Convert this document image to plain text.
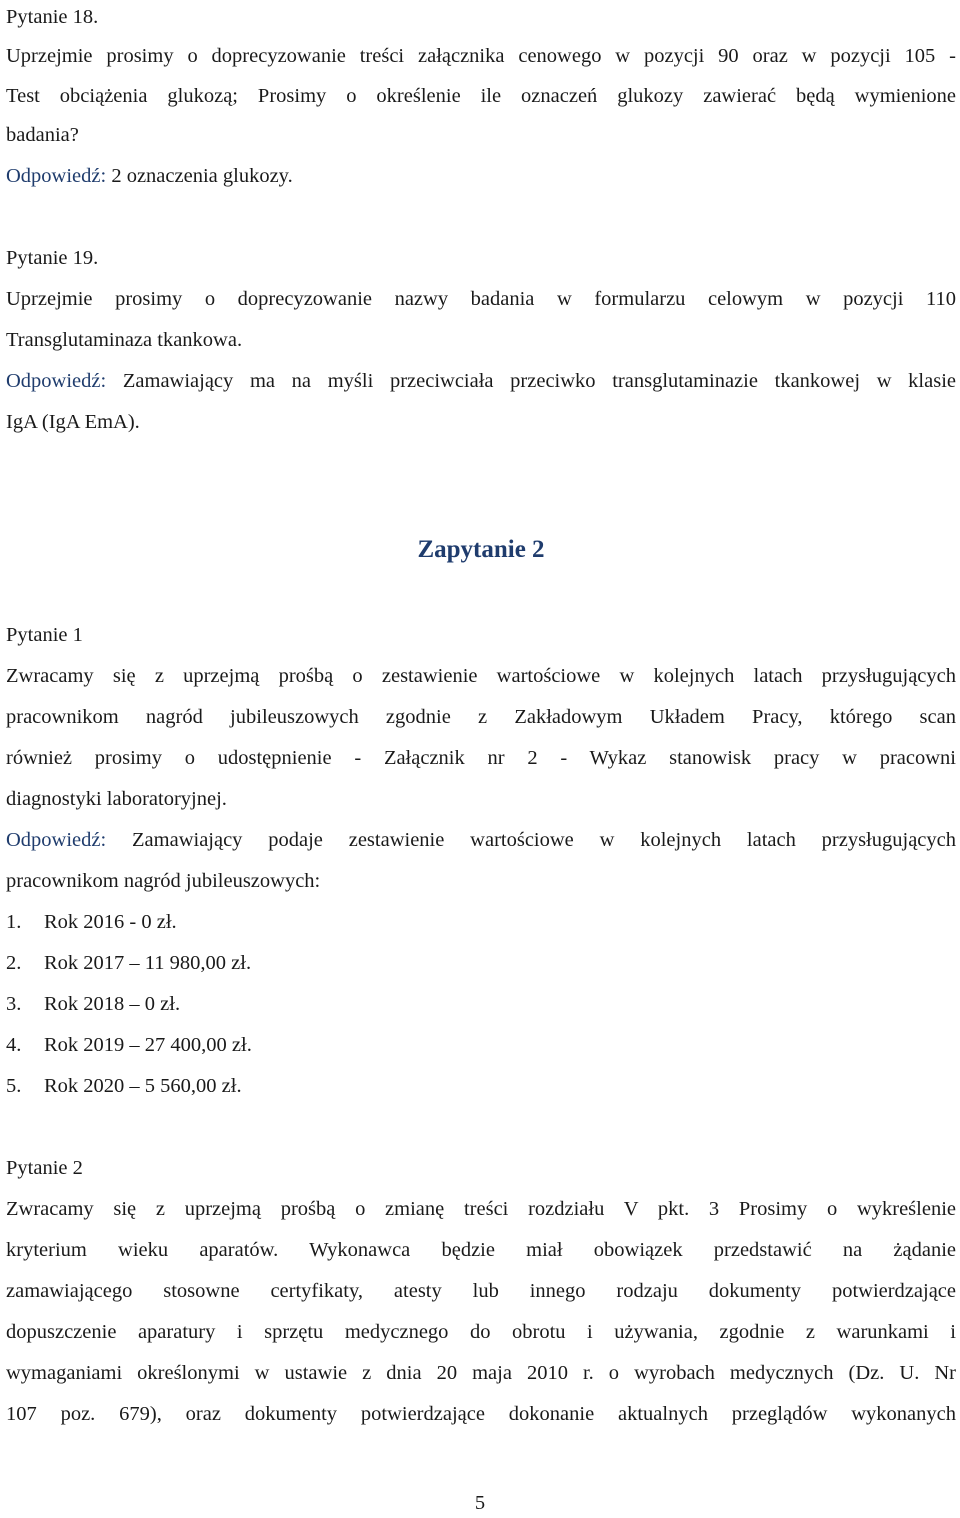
Pytanie 18.
Uprzejmie prosimy o doprecyzowanie treści załącznika cenowego w pozycji 90 oraz w pozycji 105 -
Test obciążenia glukozą; Prosimy o określenie ile oznaczeń glukozy zawierać będą wymienione
badania?
Odpowiedź: 2 oznaczenia glukozy.
Pytanie 19.
Uprzejmie prosimy o doprecyzowanie nazwy badania w formularzu celowym w pozycji 110
Transglutaminaza tkankowa.
Odpowiedź: Zamawiający ma na myśli przeciwciała przeciwko transglutaminazie tkankowej w klasie
IgA (IgA EmA).
Zapytanie 2
Pytanie 1
Zwracamy się z uprzejmą prośbą o zestawienie wartościowe w kolejnych latach przysługujących
pracownikom nagród jubileuszowych zgodnie z Zakładowym Układem Pracy, którego scan
również prosimy o udostępnienie - Załącznik nr 2 - Wykaz stanowisk pracy w pracowni
diagnostyki laboratoryjnej.
Odpowiedź: Zamawiający podaje zestawienie wartościowe w kolejnych latach przysługujących
pracownikom nagród jubileuszowych:
1. Rok 2016 - 0 zł.
2. Rok 2017 – 11 980,00 zł.
3. Rok 2018 – 0 zł.
4. Rok 2019 – 27 400,00 zł.
5. Rok 2020 – 5 560,00 zł.
Pytanie 2
Zwracamy się z uprzejmą prośbą o zmianę treści rozdziału V pkt. 3 Prosimy o wykreślenie
kryterium wieku aparatów. Wykonawca będzie miał obowiązek przedstawić na żądanie
zamawiającego stosowne certyfikaty, atesty lub innego rodzaju dokumenty potwierdzające
dopuszczenie aparatury i sprzętu medycznego do obrotu i używania, zgodnie z warunkami i
wymaganiami określonymi w ustawie z dnia 20 maja 2010 r. o wyrobach medycznych (Dz. U. Nr
107 poz. 679), oraz dokumenty potwierdzające dokonanie aktualnych przeglądów wykonanych
5
